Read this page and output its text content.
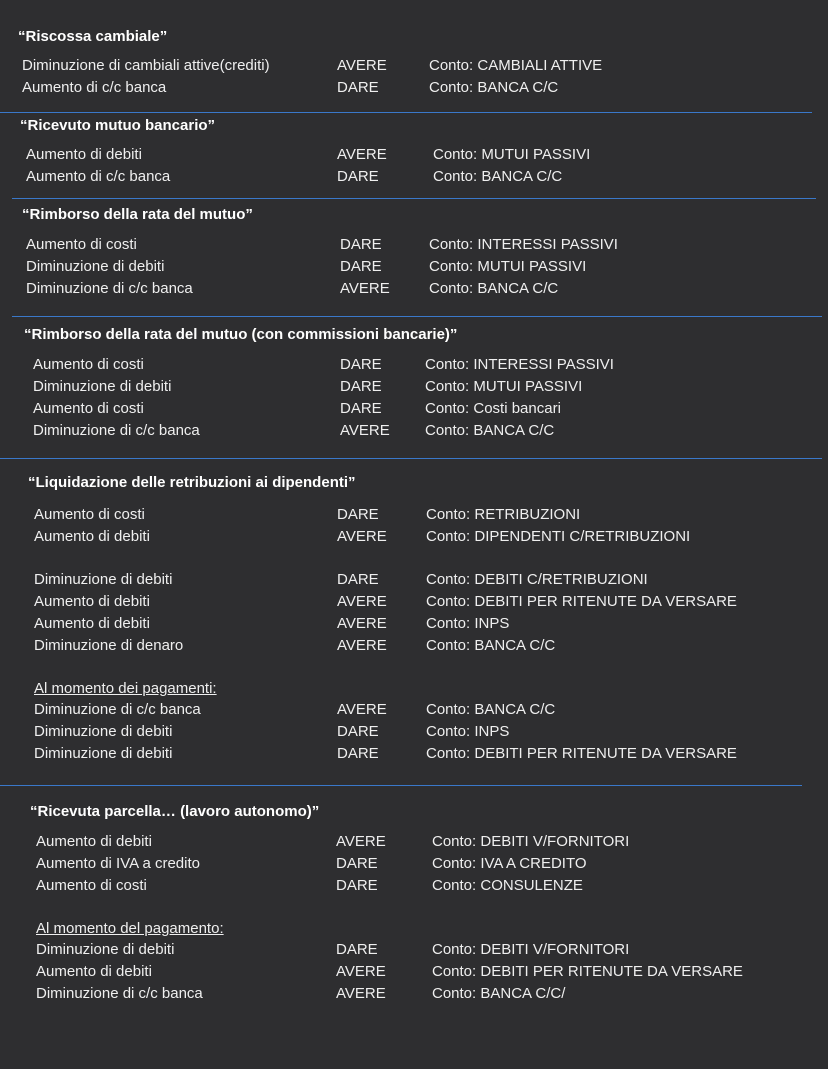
“Riscossa cambiale”
Diminuzione di cambiali attive(crediti)	AVERE	Conto: CAMBIALI ATTIVE
Aumento di c/c banca	DARE	Conto: BANCA C/C
“Ricevuto mutuo bancario”
Aumento di debiti	AVERE	Conto: MUTUI PASSIVI
Aumento di c/c banca	DARE	Conto: BANCA C/C
“Rimborso della rata del mutuo”
Aumento di costi	DARE	Conto: INTERESSI PASSIVI
Diminuzione di debiti	DARE	Conto: MUTUI PASSIVI
Diminuzione di c/c banca	AVERE	Conto: BANCA C/C
“Rimborso della rata del mutuo (con commissioni bancarie)”
Aumento di costi	DARE	Conto: INTERESSI PASSIVI
Diminuzione di debiti	DARE	Conto: MUTUI PASSIVI
Aumento di costi	DARE	Conto: Costi bancari
Diminuzione di c/c banca	AVERE Conto: BANCA C/C
“Liquidazione delle retribuzioni ai dipendenti”
Aumento di costi	DARE	Conto: RETRIBUZIONI
Aumento di debiti	AVERE	Conto: DIPENDENTI C/RETRIBUZIONI
Diminuzione di debiti	DARE	Conto: DEBITI C/RETRIBUZIONI
Aumento di debiti	AVERE	Conto: DEBITI PER RITENUTE DA VERSARE
Aumento di debiti	AVERE	Conto: INPS
Diminuzione di denaro	AVERE	Conto: BANCA C/C
Al momento dei pagamenti:
Diminuzione di c/c banca	AVERE	Conto: BANCA C/C
Diminuzione di debiti	DARE	Conto: INPS
Diminuzione di debiti	DARE	Conto: DEBITI PER RITENUTE DA VERSARE
“Ricevuta parcella… (lavoro autonomo)”
Aumento di debiti	AVERE	Conto: DEBITI V/FORNITORI
Aumento di IVA a credito	DARE	Conto: IVA A CREDITO
Aumento di costi	DARE	Conto: CONSULENZE
Al momento del pagamento:
Diminuzione di debiti	DARE	Conto: DEBITI V/FORNITORI
Aumento di debiti	AVERE	Conto: DEBITI PER RITENUTE DA VERSARE
Diminuzione di c/c banca	AVERE	Conto: BANCA C/C/
